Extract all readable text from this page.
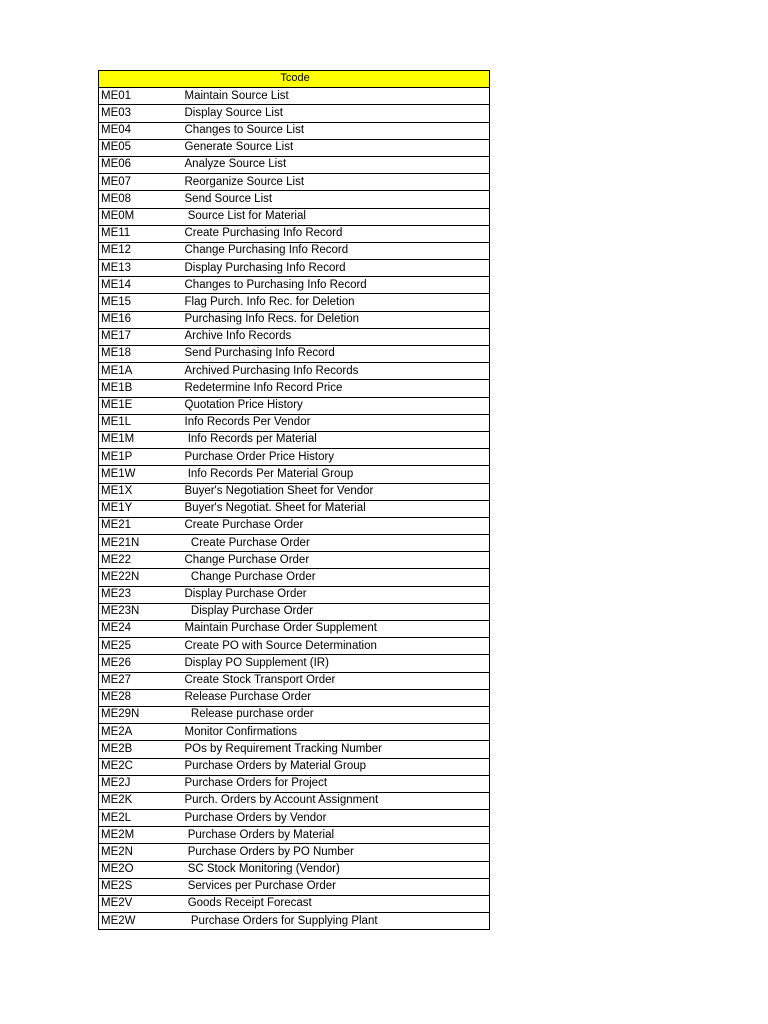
Tcode	
ME01	Maintain Source List
ME03	Display Source List
ME04	Changes to Source List
ME05	Generate Source List
ME06	Analyze Source List
ME07	Reorganize Source List
ME08	Send Source List
ME0M	Source List for Material
ME11	Create Purchasing Info Record
ME12	Change Purchasing Info Record
ME13	Display Purchasing Info Record
ME14	Changes to Purchasing Info Record
ME15	Flag Purch. Info Rec. for Deletion
ME16	Purchasing Info Recs. for Deletion
ME17	Archive Info Records
ME18	Send Purchasing Info Record
ME1A	Archived Purchasing Info Records
ME1B	Redetermine Info Record Price
ME1E	Quotation Price History
ME1L	Info Records Per Vendor
ME1M	Info Records per Material
ME1P	Purchase Order Price History
ME1W	Info Records Per Material Group
ME1X	Buyer's Negotiation Sheet for Vendor
ME1Y	Buyer's Negotiat. Sheet for Material
ME21	Create Purchase Order
ME21N	Create Purchase Order
ME22	Change Purchase Order
ME22N	Change Purchase Order
ME23	Display Purchase Order
ME23N	Display Purchase Order
ME24	Maintain Purchase Order Supplement
ME25	Create PO with Source Determination
ME26	Display PO Supplement (IR)
ME27	Create Stock Transport Order
ME28	Release Purchase Order
ME29N	Release purchase order
ME2A	Monitor Confirmations
ME2B	POs by Requirement Tracking Number
ME2C	Purchase Orders by Material Group
ME2J	Purchase Orders for Project
ME2K	Purch. Orders by Account Assignment
ME2L	Purchase Orders by Vendor
ME2M	Purchase Orders by Material
ME2N	Purchase Orders by PO Number
ME2O	SC Stock Monitoring (Vendor)
ME2S	Services per Purchase Order
ME2V	Goods Receipt Forecast
ME2W	Purchase Orders for Supplying Plant
